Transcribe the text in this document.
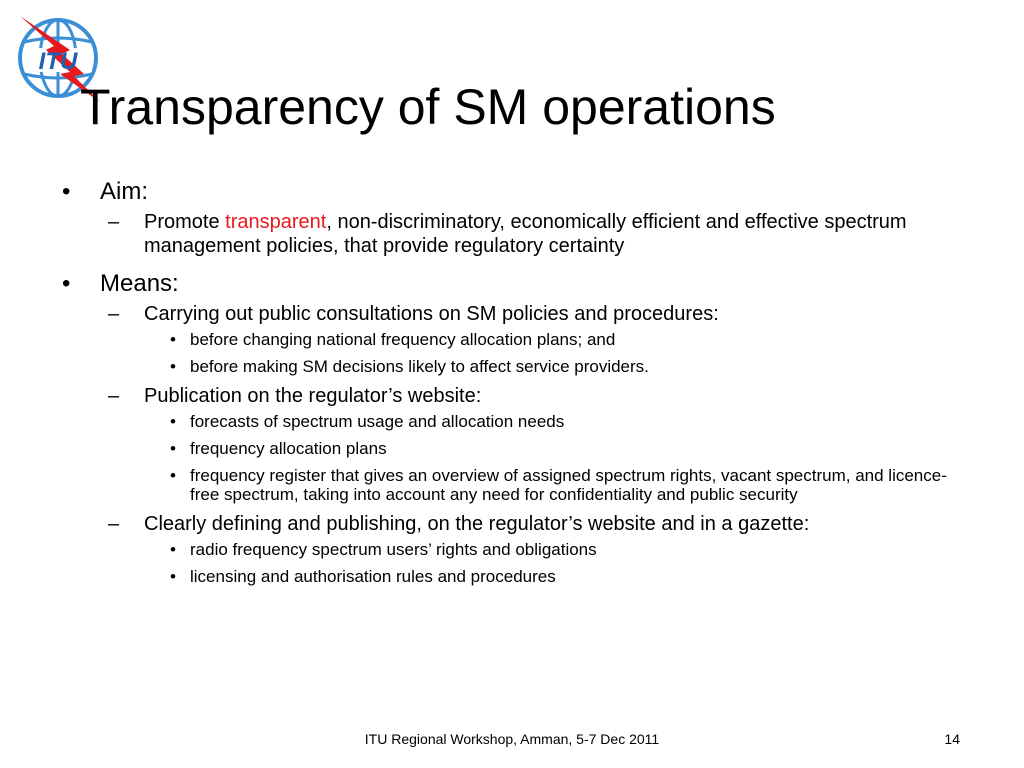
ITU
Transparency of SM operations
• Aim:
– Promote transparent, non-discriminatory, economically efficient and effective spectrum management policies, that provide regulatory certainty
• Means:
– Carrying out public consultations on SM policies and procedures:
• before changing national frequency allocation plans; and
• before making SM decisions likely to affect service providers.
– Publication on the regulator’s website:
• forecasts of spectrum usage and allocation needs
• frequency allocation plans
• frequency register that gives an overview of assigned spectrum rights, vacant spectrum, and licence-free spectrum, taking into account any need for confidentiality and public security
– Clearly defining and publishing, on the regulator’s website and in a gazette:
• radio frequency spectrum users’ rights and obligations
• licensing and authorisation rules and procedures
ITU Regional Workshop, Amman, 5-7 Dec 2011	14
